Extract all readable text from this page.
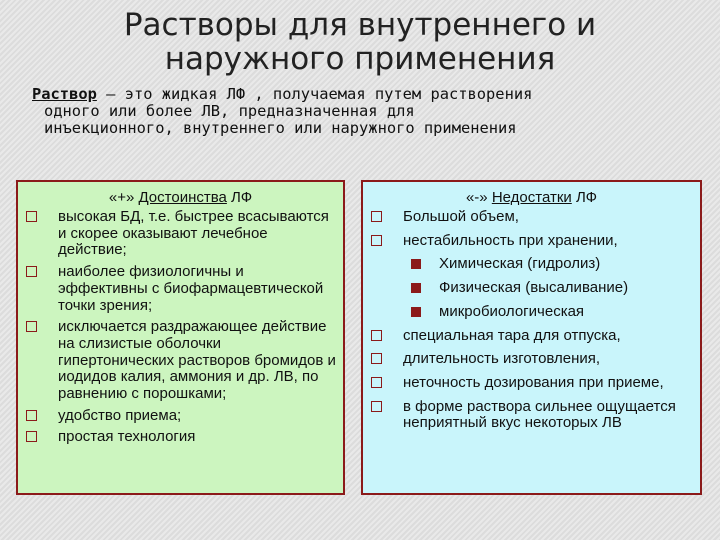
Растворы для внутреннего и
наружного применения
Раствор – это жидкая ЛФ , получаемая путем растворения
одного или более ЛВ, предназначенная для
инъекционного, внутреннего или наружного применения
«+» Достоинства ЛФ
высокая БД, т.е. быстрее всасываются и скорее оказывают лечебное действие;
наиболее физиологичны и эффективны с биофармацевтической точки зрения;
исключается раздражающее действие на слизистые оболочки гипертонических растворов бромидов и иодидов калия, аммония и др. ЛВ, по равнению с порошками;
удобство приема;
простая технология
«-» Недостатки ЛФ
Большой объем,
нестабильность при хранении,
Химическая (гидролиз)
Физическая (высаливание)
микробиологическая
специальная тара для отпуска,
длительность изготовления,
неточность дозирования при приеме,
в форме раствора сильнее ощущается неприятный вкус некоторых ЛВ
